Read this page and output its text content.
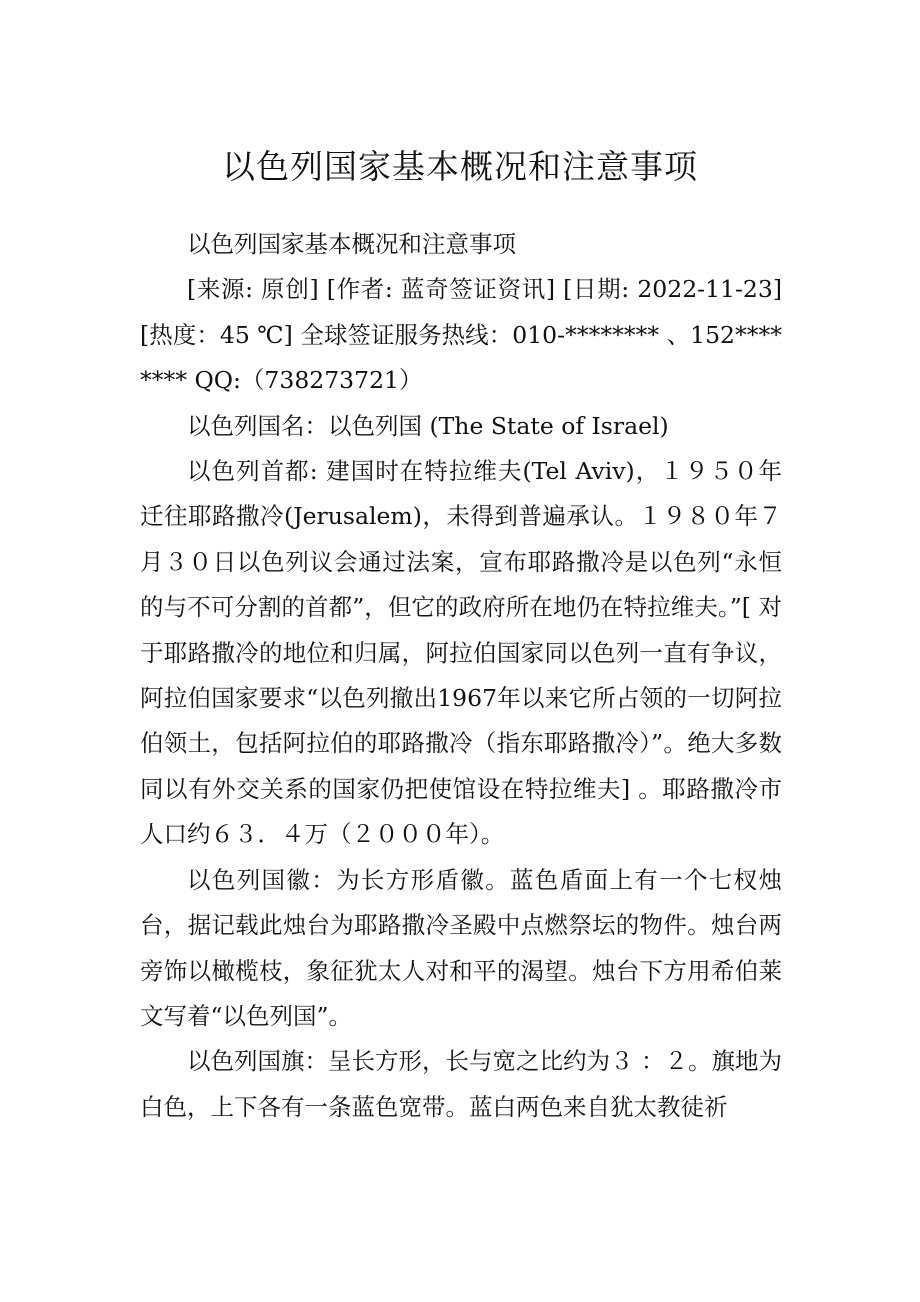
以色列国家基本概况和注意事项

以色列国家基本概况和注意事项

[来源: 原创] [作者: 蓝奇签证资讯] [日期: 2022-11-23] [热度：45 ℃] 全球签证服务热线：010-******** 、152******** QQ:（738273721）

以色列国名：以色列国 (The State of Israel)

以色列首都: 建国时在特拉维夫(Tel Aviv)，１９５０年迁往耶路撒冷(Jerusalem)，未得到普遍承认。１９８０年７月３０日以色列议会通过法案，宣布耶路撒冷是以色列“永恒的与不可分割的首都”，但它的政府所在地仍在特拉维夫。”[ 对于耶路撒冷的地位和归属，阿拉伯国家同以色列一直有争议，阿拉伯国家要求“以色列撤出1967年以来它所占领的一切阿拉伯领土，包括阿拉伯的耶路撒冷（指东耶路撒冷）”。绝大多数同以有外交关系的国家仍把使馆设在特拉维夫] 。耶路撒冷市人口约６３．４万（２０００年）。

以色列国徽：为长方形盾徽。蓝色盾面上有一个七杈烛台，据记载此烛台为耶路撒冷圣殿中点燃祭坛的物件。烛台两旁饰以橄榄枝，象征犹太人对和平的渴望。烛台下方用希伯莱文写着“以色列国”。

以色列国旗：呈长方形，长与宽之比约为３ ：２。旗地为白色，上下各有一条蓝色宽带。蓝白两色来自犹太教徒祈
